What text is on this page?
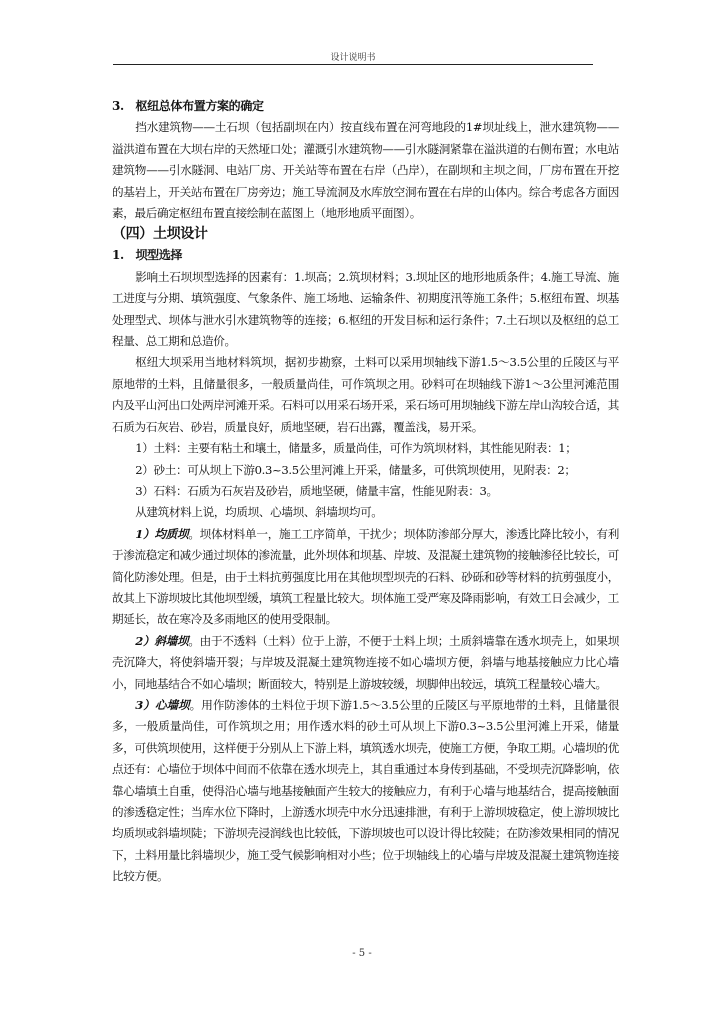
设计说明书
3.　枢纽总体布置方案的确定

挡水建筑物——土石坝（包括副坝在内）按直线布置在河弯地段的1#坝址线上，泄水建筑物——溢洪道布置在大坝右岸的天然垭口处；灌溉引水建筑物——引水隧洞紧靠在溢洪道的右侧布置；水电站建筑物——引水隧洞、电站厂房、开关站等布置在右岸（凸岸），在副坝和主坝之间，厂房布置在开挖的基岩上，开关站布置在厂房旁边；施工导流洞及水库放空洞布置在右岸的山体内。综合考虑各方面因素，最后确定枢纽布置直接绘制在蓝图上（地形地质平面图）。

（四）土坝设计
1.　坝型选择

影响土石坝坝型选择的因素有：1.坝高；2.筑坝材料；3.坝址区的地形地质条件；4.施工导流、施工进度与分期、填筑强度、气象条件、施工场地、运输条件、初期度汛等施工条件；5.枢纽布置、坝基处理型式、坝体与泄水引水建筑物等的连接；6.枢纽的开发目标和运行条件；7.土石坝以及枢纽的总工程量、总工期和总造价。

枢纽大坝采用当地材料筑坝，据初步勘察，土料可以采用坝轴线下游1.5～3.5公里的丘陵区与平原地带的土料，且储量很多，一般质量尚佳，可作筑坝之用。砂料可在坝轴线下游1～3公里河滩范围内及平山河出口处两岸河滩开采。石料可以用采石场开采，采石场可用坝轴线下游左岸山沟较合适，其石质为石灰岩、砂岩，质量良好，质地坚硬，岩石出露，覆盖浅，易开采。

1）土料：主要有粘土和壤土，储量多，质量尚佳，可作为筑坝材料，其性能见附表：1；

2）砂土：可从坝上下游0.3~3.5公里河滩上开采，储量多，可供筑坝使用，见附表：2；

3）石料：石质为石灰岩及砂岩，质地坚硬，储量丰富，性能见附表：3。

从建筑材料上说，均质坝、心墙坝、斜墙坝均可。

1）均质坝。坝体材料单一，施工工序简单，干扰少；坝体防渗部分厚大，渗透比降比较小，有利于渗流稳定和减少通过坝体的渗流量，此外坝体和坝基、岸坡、及混凝土建筑物的接触渗径比较长，可简化防渗处理。但是，由于土料抗剪强度比用在其他坝型坝壳的石料、砂砾和砂等材料的抗剪强度小，故其上下游坝坡比其他坝型缓，填筑工程量比较大。坝体施工受严寒及降雨影响，有效工日会减少，工期延长，故在寒冷及多雨地区的使用受限制。

2）斜墙坝。由于不透料（土料）位于上游，不便于土料上坝；土质斜墙靠在透水坝壳上，如果坝壳沉降大，将使斜墙开裂；与岸坡及混凝土建筑物连接不如心墙坝方便，斜墙与地基接触应力比心墙小，同地基结合不如心墙坝；断面较大，特别是上游坡较缓，坝脚伸出较远，填筑工程量较心墙大。

3）心墙坝。用作防渗体的土料位于坝下游1.5～3.5公里的丘陵区与平原地带的土料，且储量很多，一般质量尚佳，可作筑坝之用；用作透水料的砂土可从坝上下游0.3~3.5公里河滩上开采，储量多，可供筑坝使用，这样便于分别从上下游上料，填筑透水坝壳，使施工方便，争取工期。心墙坝的优点还有：心墙位于坝体中间而不依靠在透水坝壳上，其自重通过本身传到基础，不受坝壳沉降影响，依靠心墙填土自重，使得沿心墙与地基接触面产生较大的接触应力，有利于心墙与地基结合，提高接触面的渗透稳定性；当库水位下降时，上游透水坝壳中水分迅速排泄，有利于上游坝坡稳定，使上游坝坡比均质坝或斜墙坝陡；下游坝壳浸润线也比较低，下游坝坡也可以设计得比较陡；在防渗效果相同的情况下，土料用量比斜墙坝少，施工受气候影响相对小些；位于坝轴线上的心墙与岸坡及混凝土建筑物连接比较方便。

- 5 -
